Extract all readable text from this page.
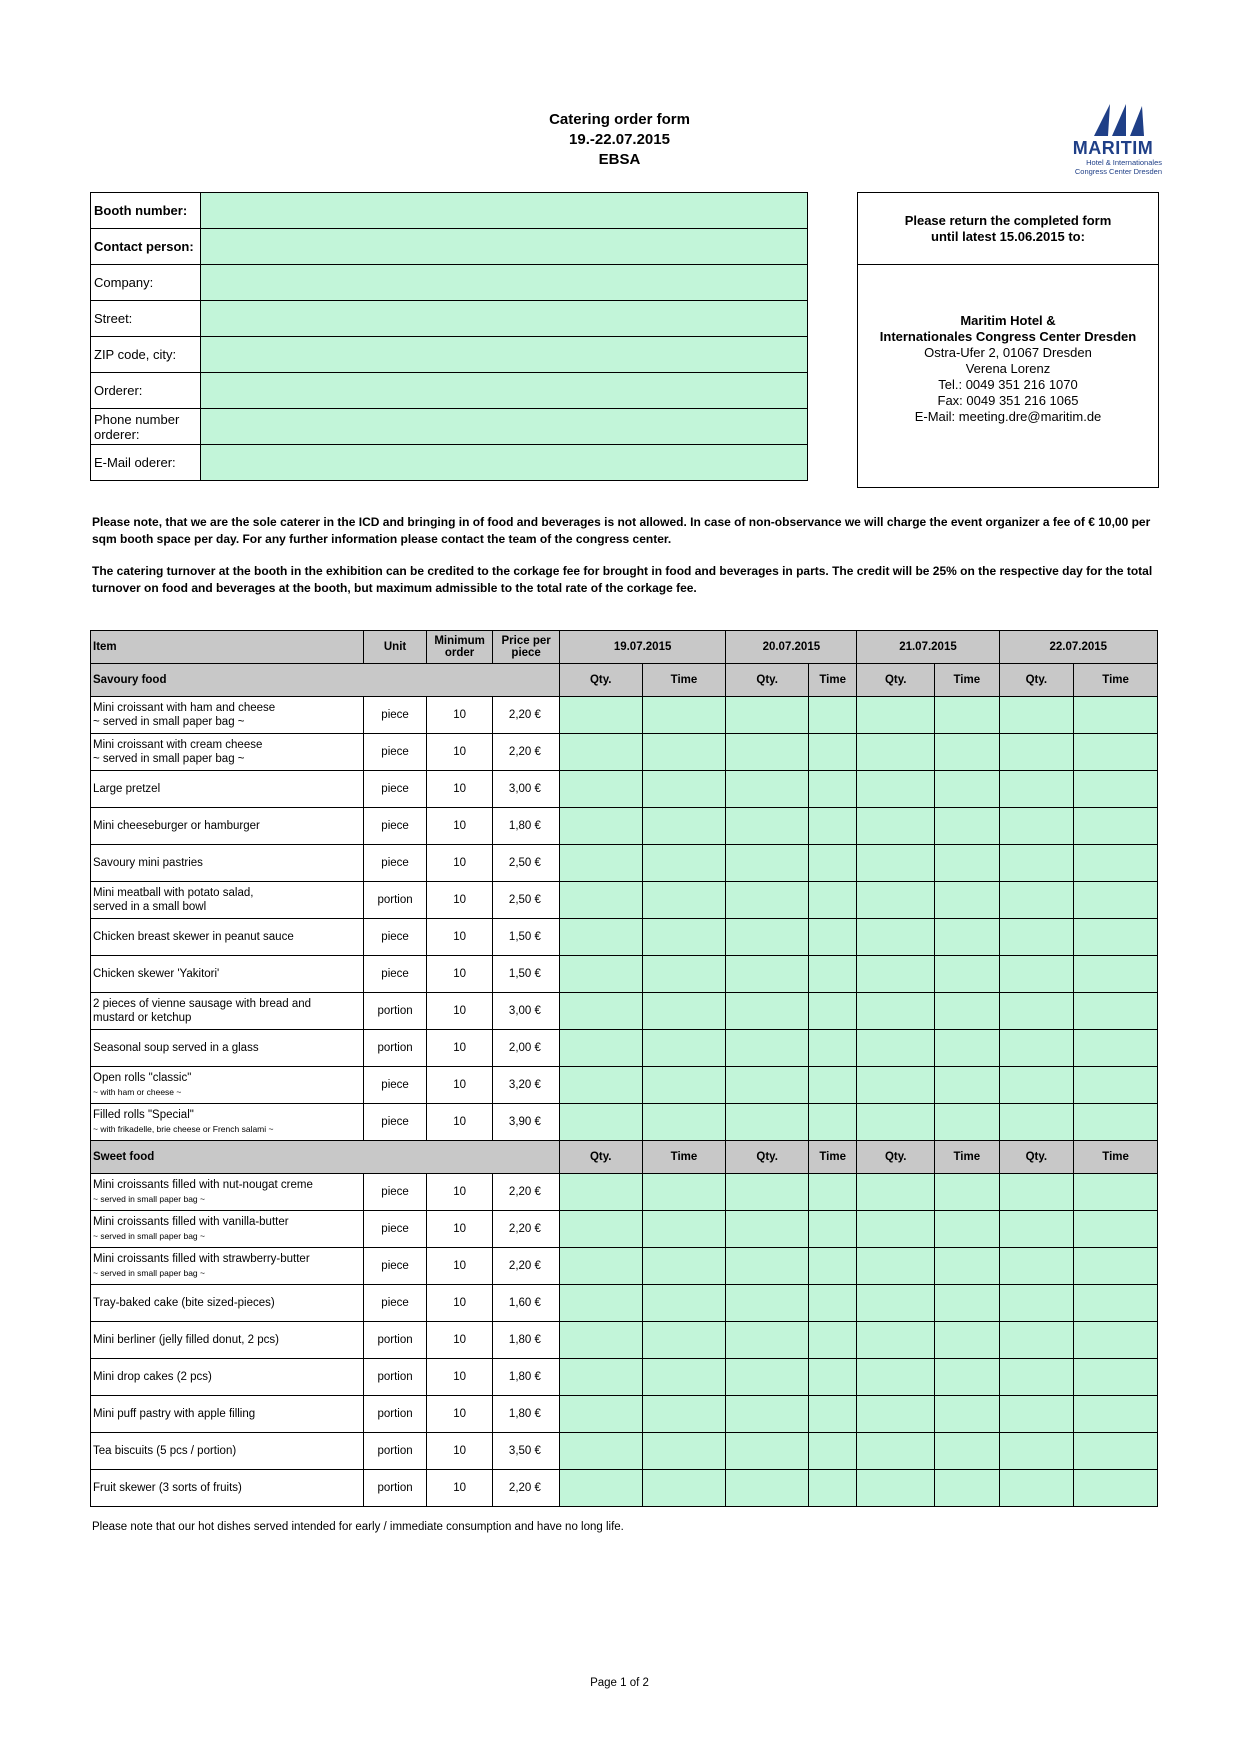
Catering order form
19.-22.07.2015
EBSA
MARITIM
Hotel & Internationales
Congress Center Dresden
Booth number:	
Contact person:	
Company:	
Street:	
ZIP code, city:	
Orderer:	
Phone number orderer:	
E-Mail oderer:	
Please return the completed form
until latest 15.06.2015 to:
Maritim Hotel &
Internationales Congress Center Dresden
Ostra-Ufer 2, 01067 Dresden
Verena Lorenz
Tel.: 0049 351 216 1070
Fax: 0049 351 216 1065
E-Mail: meeting.dre@maritim.de
Please note, that we are the sole caterer in the ICD and bringing in of food and beverages is not allowed. In case of non-observance we will charge the event organizer a fee of € 10,00 per sqm booth space per day. For any further information please contact the team of the congress center.
The catering turnover at the booth in the exhibition can be credited to the corkage fee for brought in food and beverages in parts. The credit will be 25% on the respective day for the total turnover on food and beverages at the booth, but maximum admissible to the total rate of the corkage fee.
Item	Unit	Minimum order	Price per piece	19.07.2015		20.07.2015		21.07.2015		22.07.2015	
Savoury food				Qty.	Time	Qty.	Time	Qty.	Time	Qty.	Time

Mini croissant with ham and cheese
~ served in small paper bag ~	piece	10	2,20 €								

Mini croissant with cream cheese
~ served in small paper bag ~	piece	10	2,20 €								

Large pretzel	piece	10	3,00 €								

Mini cheeseburger or hamburger	piece	10	1,80 €								

Savoury mini pastries	piece	10	2,50 €								

Mini meatball with potato salad,
served in a small bowl	portion	10	2,50 €								

Chicken breast skewer in peanut sauce	piece	10	1,50 €								

Chicken skewer 'Yakitori'	piece	10	1,50 €								

2 pieces of vienne sausage with bread and
mustard or ketchup	portion	10	3,00 €								

Seasonal soup served in a glass	portion	10	2,00 €								

Open rolls "classic"
~ with ham or cheese ~	piece	10	3,20 €								

Filled rolls "Special"
~ with frikadelle, brie cheese or French salami ~	piece	10	3,90 €								
Sweet food				Qty.	Time	Qty.	Time	Qty.	Time	Qty.	Time

Mini croissants filled with nut-nougat creme
~ served in small paper bag ~	piece	10	2,20 €								

Mini croissants filled with vanilla-butter
~ served in small paper bag ~	piece	10	2,20 €								

Mini croissants filled with strawberry-butter
~ served in small paper bag ~	piece	10	2,20 €								

Tray-baked cake (bite sized-pieces)	piece	10	1,60 €								

Mini berliner (jelly filled donut, 2 pcs)	portion	10	1,80 €								

Mini drop cakes (2 pcs)	portion	10	1,80 €								

Mini puff pastry with apple filling	portion	10	1,80 €								

Tea biscuits (5 pcs / portion)	portion	10	3,50 €								

Fruit skewer (3 sorts of fruits)	portion	10	2,20 €								
Please note that our hot dishes served intended for early / immediate consumption and have no long life.
Page 1 of 2
